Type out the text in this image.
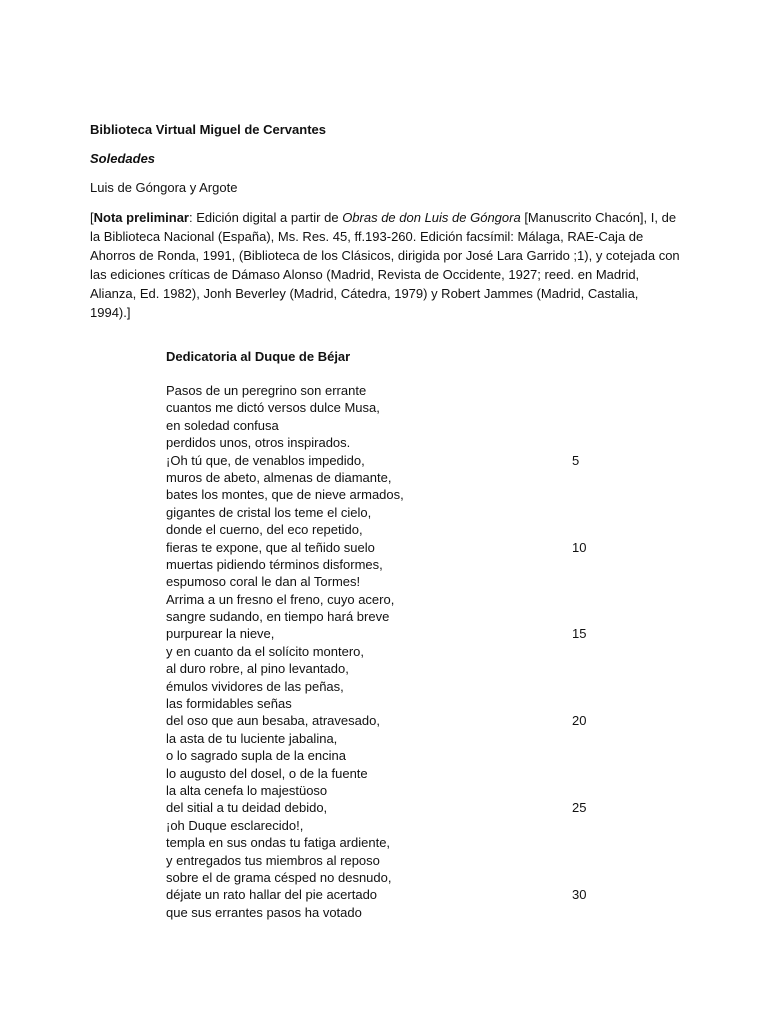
Biblioteca Virtual Miguel de Cervantes

Soledades

Luis de Góngora y Argote

[Nota preliminar: Edición digital a partir de Obras de don Luis de Góngora [Manuscrito Chacón], I, de la Biblioteca Nacional (España), Ms. Res. 45, ff.193-260. Edición facsímil: Málaga, RAE-Caja de Ahorros de Ronda, 1991, (Biblioteca de los Clásicos, dirigida por José Lara Garrido ;1), y cotejada con las ediciones críticas de Dámaso Alonso (Madrid, Revista de Occidente, 1927; reed. en Madrid, Alianza, Ed. 1982), Jonh Beverley (Madrid, Cátedra, 1979) y Robert Jammes (Madrid, Castalia, 1994).]

Dedicatoria al Duque de Béjar
Pasos de un peregrino son errante
cuantos me dictó versos dulce Musa,
en soledad confusa
perdidos unos, otros inspirados.
¡Oh tú que, de venablos impedido,	5
muros de abeto, almenas de diamante,
bates los montes, que de nieve armados,
gigantes de cristal los teme el cielo,
donde el cuerno, del eco repetido,
fieras te expone, que al teñido suelo	10
muertas pidiendo términos disformes,
espumoso coral le dan al Tormes!
Arrima a un fresno el freno, cuyo acero,
sangre sudando, en tiempo hará breve
purpurear la nieve,	15
y en cuanto da el solícito montero,
al duro robre, al pino levantado,
émulos vividores de las peñas,
las formidables señas
del oso que aun besaba, atravesado,	20
la asta de tu luciente jabalina,
o lo sagrado supla de la encina
lo augusto del dosel, o de la fuente
la alta cenefa lo majestüoso
del sitial a tu deidad debido,	25
¡oh Duque esclarecido!,
templa en sus ondas tu fatiga ardiente,
y entregados tus miembros al reposo
sobre el de grama césped no desnudo,
déjate un rato hallar del pie acertado	30
que sus errantes pasos ha votado
